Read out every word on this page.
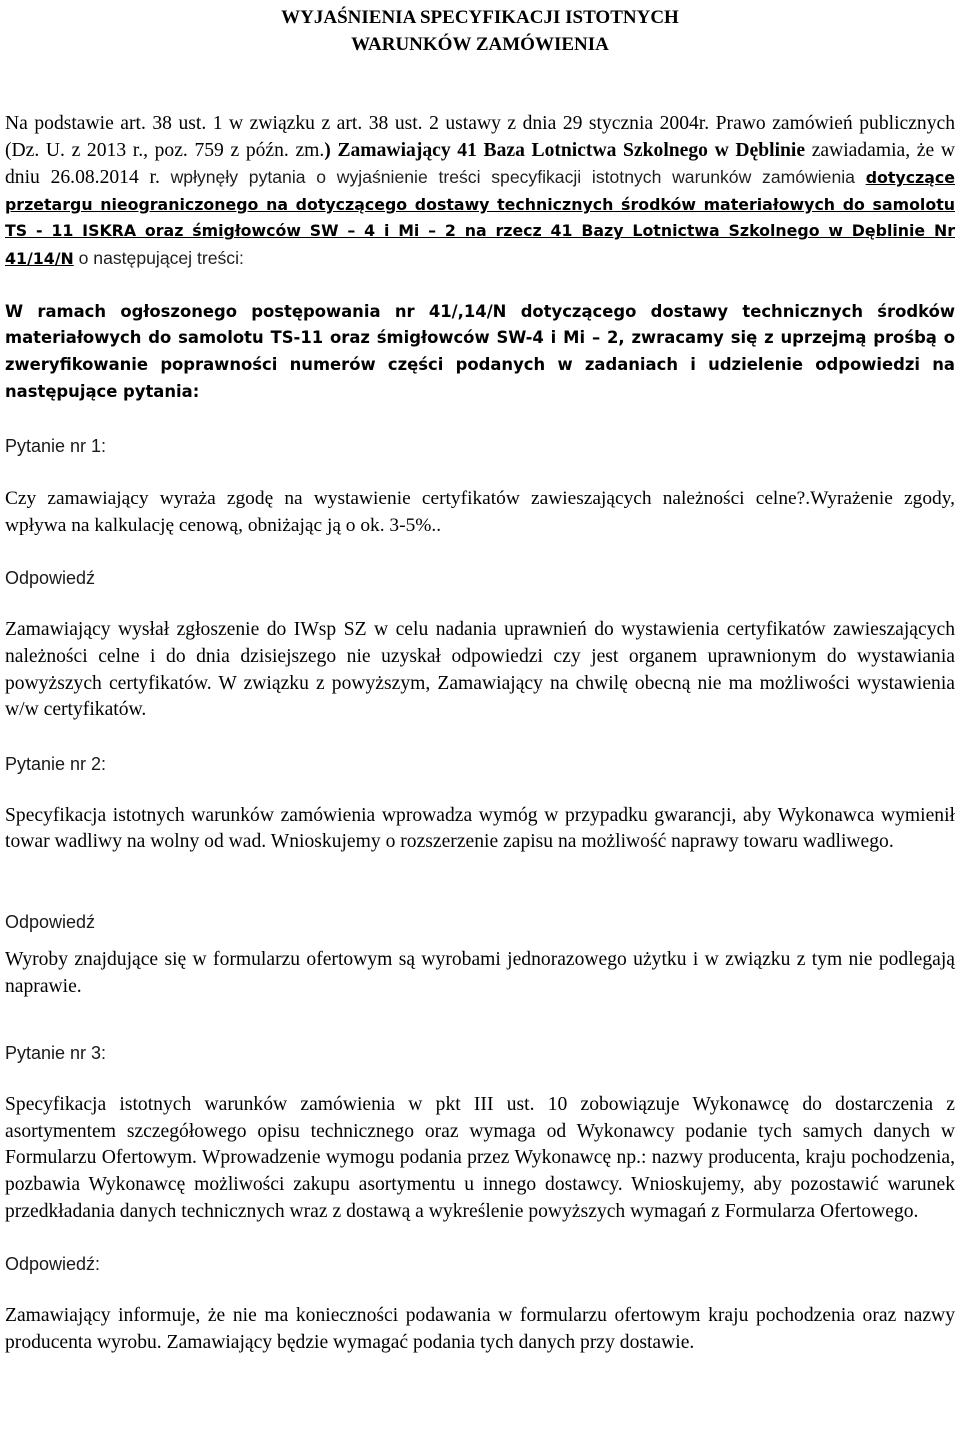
WYJAŚNIENIA SPECYFIKACJI ISTOTNYCH
WARUNKÓW ZAMÓWIENIA

Na podstawie art. 38 ust. 1 w związku z art. 38 ust. 2 ustawy z dnia 29 stycznia 2004r. Prawo zamówień publicznych (Dz. U. z 2013 r., poz. 759 z późn. zm.) Zamawiający 41 Baza Lotnictwa Szkolnego w Dęblinie zawiadamia, że w dniu 26.08.2014 r. wpłynęły pytania o wyjaśnienie treści specyfikacji istotnych warunków zamówienia dotyczące przetargu nieograniczonego na dotyczącego dostawy technicznych środków materiałowych do samolotu TS - 11 ISKRA oraz śmigłowców SW – 4 i Mi – 2 na rzecz 41 Bazy Lotnictwa Szkolnego w Dęblinie Nr 41/14/N o następującej treści:

W ramach ogłoszonego postępowania nr 41/,14/N dotyczącego dostawy technicznych środków materiałowych do samolotu TS-11 oraz śmigłowców SW-4 i Mi – 2, zwracamy się z uprzejmą prośbą o zweryfikowanie poprawności numerów części podanych w zadaniach i udzielenie odpowiedzi na następujące pytania:

Pytanie nr 1:

Czy zamawiający wyraża zgodę na wystawienie certyfikatów zawieszających należności celne?.Wyrażenie zgody, wpływa na kalkulację cenową, obniżając ją o ok. 3-5%..

Odpowiedź

Zamawiający wysłał zgłoszenie do IWsp SZ w celu nadania uprawnień do wystawienia certyfikatów zawieszających należności celne i do dnia dzisiejszego nie uzyskał odpowiedzi czy jest organem uprawnionym do wystawiania powyższych certyfikatów. W związku z powyższym, Zamawiający na chwilę obecną nie ma możliwości wystawienia w/w certyfikatów.

Pytanie nr 2:

Specyfikacja istotnych warunków zamówienia wprowadza wymóg w przypadku gwarancji, aby Wykonawca wymienił towar wadliwy na wolny od wad. Wnioskujemy o rozszerzenie zapisu na możliwość naprawy towaru wadliwego.

Odpowiedź

Wyroby znajdujące się w formularzu ofertowym są wyrobami jednorazowego użytku i w związku z tym nie podlegają naprawie.

Pytanie nr 3:

Specyfikacja istotnych warunków zamówienia w pkt III ust. 10 zobowiązuje Wykonawcę do dostarczenia z asortymentem szczegółowego opisu technicznego oraz wymaga od Wykonawcy podanie tych samych danych w Formularzu Ofertowym. Wprowadzenie wymogu podania przez Wykonawcę np.: nazwy producenta, kraju pochodzenia, pozbawia Wykonawcę możliwości zakupu asortymentu u innego dostawcy. Wnioskujemy, aby pozostawić warunek przedkładania danych technicznych wraz z dostawą a wykreślenie powyższych wymagań z Formularza Ofertowego.

Odpowiedź:

Zamawiający informuje, że nie ma konieczności podawania w formularzu ofertowym kraju pochodzenia oraz nazwy producenta wyrobu. Zamawiający będzie wymagać podania tych danych przy dostawie.
